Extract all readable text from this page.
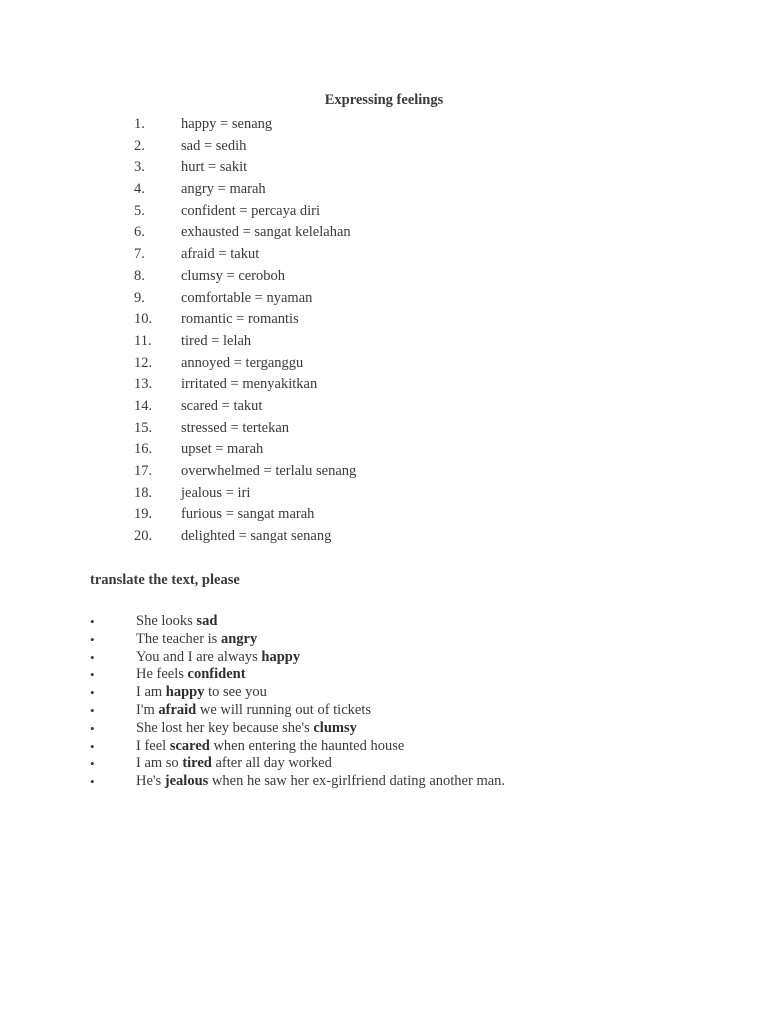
Expressing feelings
1.	happy = senang
2.	sad = sedih
3.	hurt = sakit
4.	angry = marah
5.	confident = percaya diri
6.	exhausted = sangat kelelahan
7.	afraid = takut
8.	clumsy = ceroboh
9.	comfortable = nyaman
10.	romantic = romantis
11.	tired = lelah
12.	annoyed = terganggu
13.	irritated = menyakitkan
14.	scared = takut
15.	stressed = tertekan
16.	upset = marah
17.	overwhelmed = terlalu senang
18.	jealous = iri
19.	furious = sangat marah
20.	delighted = sangat senang

translate the text, please

•	She looks sad
•	The teacher is angry
•	You and I are always happy
•	He feels confident
•	I am happy to see you
•	I'm afraid we will running out of tickets
•	She lost her key because she's clumsy
•	I feel scared when entering the haunted house
•	I am so tired after all day worked
•	He's jealous when he saw her ex-girlfriend dating another man.
